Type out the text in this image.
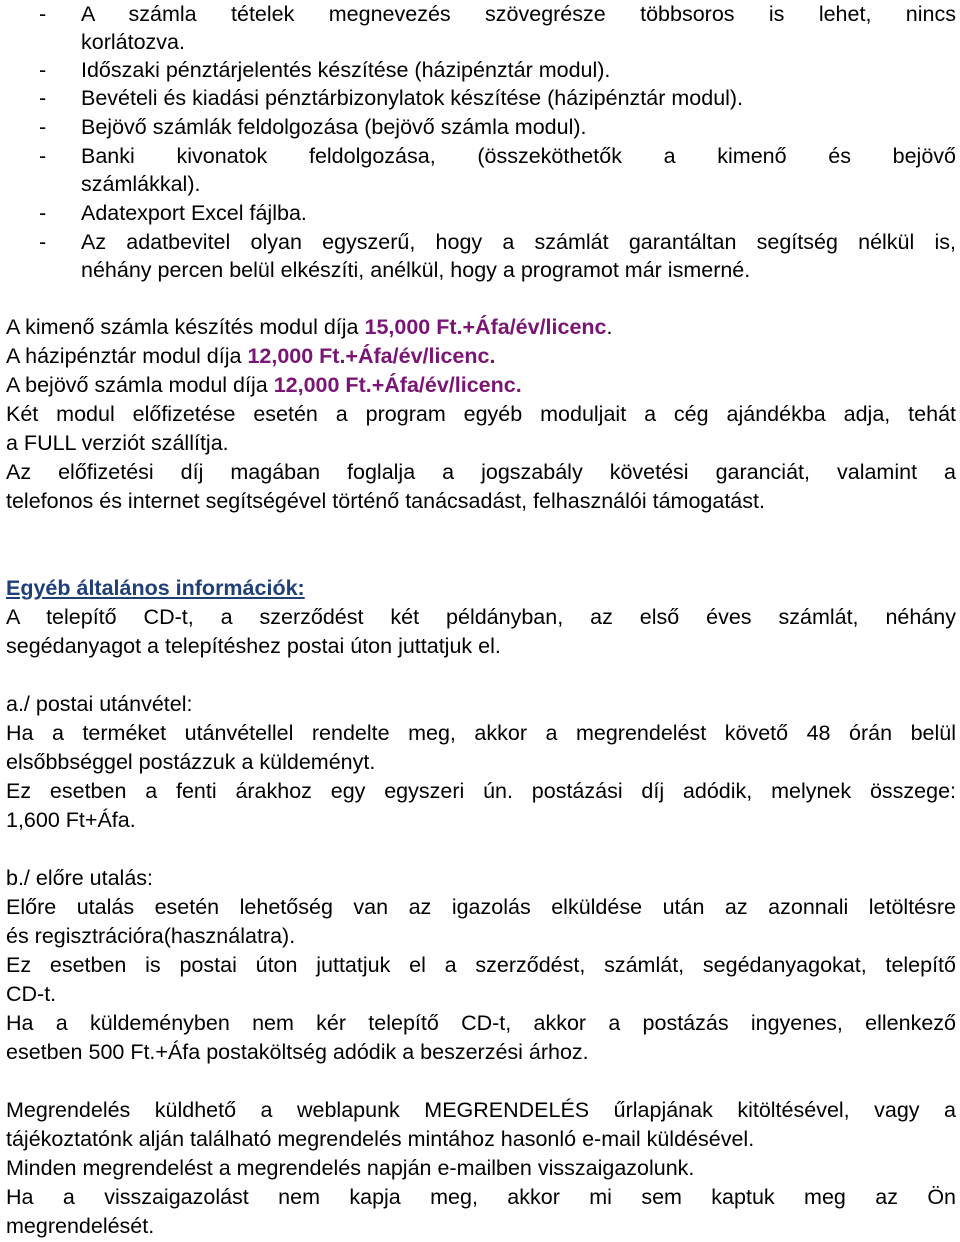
- A számla tételek megnevezés szövegrésze többsoros is lehet, nincs
korlátozva.
- Időszaki pénztárjelentés készítése (házipénztár modul).
- Bevételi és kiadási pénztárbizonylatok készítése (házipénztár modul).
- Bejövő számlák feldolgozása (bejövő számla modul).
- Banki kivonatok feldolgozása, (összeköthetők a kimenő és bejövő
számlákkal).
- Adatexport Excel fájlba.
- Az adatbevitel olyan egyszerű, hogy a számlát garantáltan segítség nélkül is,
néhány percen belül elkészíti, anélkül, hogy a programot már ismerné.
A kimenő számla készítés modul díja 15,000 Ft.+Áfa/év/licenc.
A házipénztár modul díja 12,000 Ft.+Áfa/év/licenc.
A bejövő számla modul díja 12,000 Ft.+Áfa/év/licenc.
Két modul előfizetése esetén a program egyéb moduljait a cég ajándékba adja, tehát
a FULL verziót szállítja.
Az előfizetési díj magában foglalja a jogszabály követési garanciát, valamint a
telefonos és internet segítségével történő tanácsadást, felhasználói támogatást.
Egyéb általános információk:
A telepítő CD-t, a szerződést két példányban, az első éves számlát, néhány
segédanyagot a telepítéshez postai úton juttatjuk el.
a./ postai utánvétel:
Ha a terméket utánvétellel rendelte meg, akkor a megrendelést követő 48 órán belül
elsőbbséggel postázzuk a küldeményt.
Ez esetben a fenti árakhoz egy egyszeri ún. postázási díj adódik, melynek összege:
1,600 Ft+Áfa.
b./ előre utalás:
Előre utalás esetén lehetőség van az igazolás elküldése után az azonnali letöltésre
és regisztrációra(használatra).
Ez esetben is postai úton juttatjuk el a szerződést, számlát, segédanyagokat, telepítő
CD-t.
Ha a küldeményben nem kér telepítő CD-t, akkor a postázás ingyenes, ellenkező
esetben 500 Ft.+Áfa postaköltség adódik a beszerzési árhoz.
Megrendelés küldhető a weblapunk MEGRENDELÉS űrlapjának kitöltésével, vagy a
tájékoztatónk alján található megrendelés mintához hasonló e-mail küldésével.
Minden megrendelést a megrendelés napján e-mailben visszaigazolunk.
Ha a visszaigazolást nem kapja meg, akkor mi sem kaptuk meg az Ön
megrendelését.
